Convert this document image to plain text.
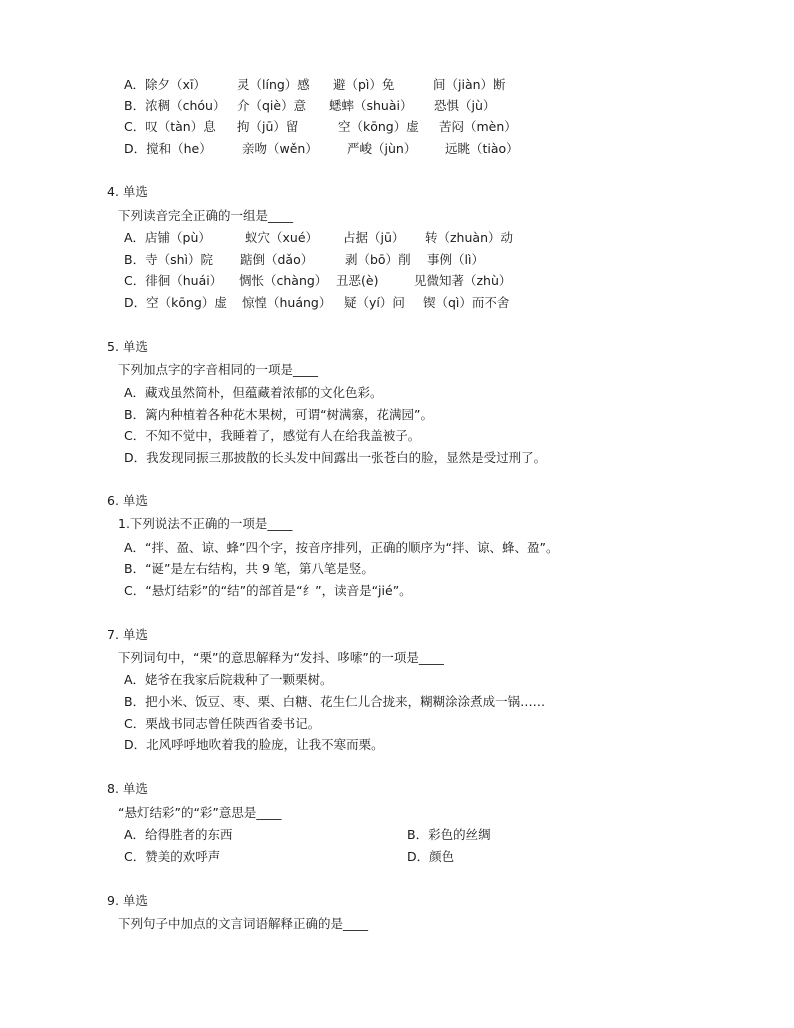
A．除夕（xī） 灵（líng）感 避（pì）免	间（jiàn）断
B．浓稠（chóu） 介（qiè）意 蟋蟀（shuài） 恐惧（jù）
C．叹（tàn）息 拘（jū）留	空（kōng）虚 苦闷（mèn）
D．搅和（he） 亲吻（wěn） 严峻（jùn） 远眺（tiào）
4. 单选
下列读音完全正确的一组是____
A．店铺（pù）	蚁穴（xué） 占据（jū） 转（zhuàn）动
B．寺（shì）院 踮倒（dǎo）	剥（bō）削 事例（lì）
C．徘徊（huái） 惆怅（chàng） 丑恶(è)	见微知著（zhù）
D．空（kōng）虚 惊惶（huáng） 疑（yí）问 锲（qì）而不舍
5. 单选
下列加点字的字音相同的一项是____
A．藏戏虽然简朴，但蕴藏着浓郁的文化色彩。
B．篱内种植着各种花木果树，可谓“树满寨，花满园”。
C．不知不觉中，我睡着了，感觉有人在给我盖被子。
D．我发现同振三那披散的长头发中间露出一张苍白的脸，显然是受过刑了。
6. 单选
1.下列说法不正确的一项是____
A．“拌、盈、谅、蜂”四个字，按音序排列，正确的顺序为“拌、谅、蜂、盈”。
B．“诞”是左右结构，共 9 笔，第八笔是竖。
C．“悬灯结彩”的“结”的部首是“纟”，读音是“jié”。
7. 单选
下列词句中，“栗”的意思解释为“发抖、哆嗦”的一项是____
A．姥爷在我家后院栽种了一颗栗树。
B．把小米、饭豆、枣、栗、白糖、花生仁儿合拢来，糊糊涂涂煮成一锅……
C．栗战书同志曾任陕西省委书记。
D．北风呼呼地吹着我的脸庞，让我不寒而栗。
8. 单选
“悬灯结彩”的“彩”意思是____
A．给得胜者的东西	B．彩色的丝绸
C．赞美的欢呼声	D．颜色
9. 单选
下列句子中加点的文言词语解释正确的是____
